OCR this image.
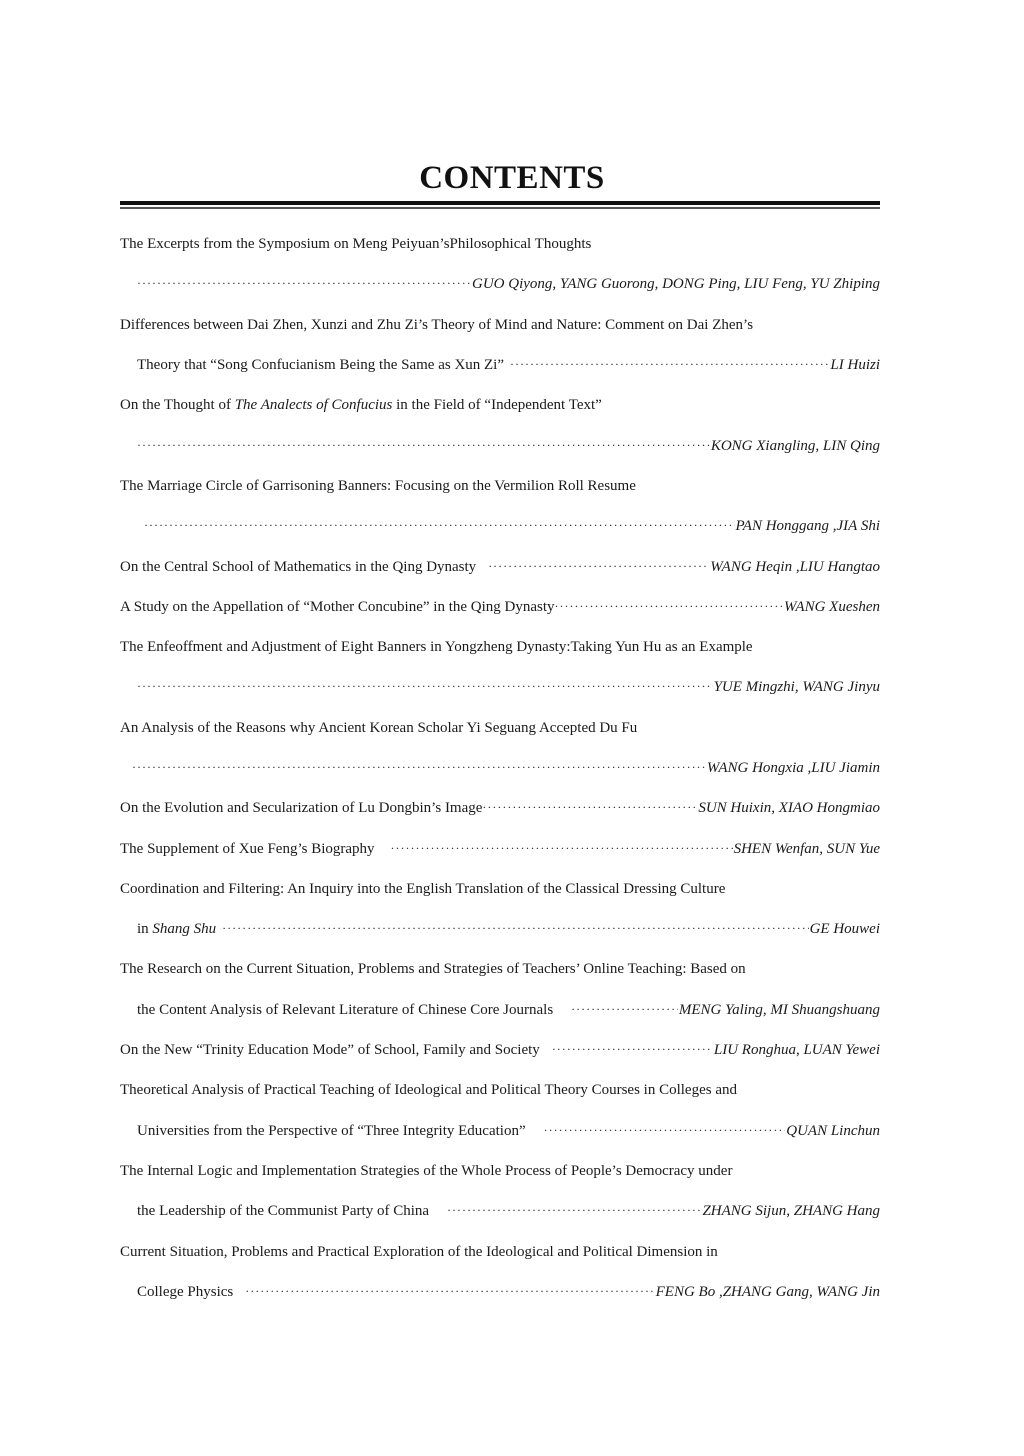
CONTENTS
The Excerpts from the Symposium on Meng Peiyuan’sPhilosophical Thoughts
·····
GUO Qiyong, YANG Guorong, DONG Ping, LIU Feng, YU Zhiping
Differences between Dai Zhen, Xunzi and Zhu Zi’s Theory of Mind and Nature: Comment on Dai Zhen’s
Theory that “Song Confucianism Being the Same as Xun Zi” ·····	LI Huizi
On the Thought of The Analects of Confucius in the Field of “Independent Text”
·····
KONG Xiangling, LIN Qing
The Marriage Circle of Garrisoning Banners: Focusing on the Vermilion Roll Resume
·····
PAN Honggang ,JIA Shi
On the Central School of Mathematics in the Qing Dynasty ·····	WANG Heqin ,LIU Hangtao
A Study on the Appellation of “Mother Concubine” in the Qing Dynasty ·····	WANG Xueshen
The Enfeoffment and Adjustment of Eight Banners in Yongzheng Dynasty:Taking Yun Hu as an Example
·····
YUE Mingzhi, WANG Jinyu
An Analysis of the Reasons why Ancient Korean Scholar Yi Seguang Accepted Du Fu
·····
WANG Hongxia ,LIU Jiamin
On the Evolution and Secularization of Lu Dongbin’s Image ·····	SUN Huixin, XIAO Hongmiao
The Supplement of Xue Feng’s Biography ·····	SHEN Wenfan, SUN Yue
Coordination and Filtering: An Inquiry into the English Translation of the Classical Dressing Culture
in Shang Shu ·····	GE Houwei
The Research on the Current Situation, Problems and Strategies of Teachers’ Online Teaching: Based on
the Content Analysis of Relevant Literature of Chinese Core Journals ·····	MENG Yaling, MI Shuangshuang
On the New “Trinity Education Mode” of School, Family and Society ·····	LIU Ronghua, LUAN Yewei
Theoretical Analysis of Practical Teaching of Ideological and Political Theory Courses in Colleges and
Universities from the Perspective of “Three Integrity Education” ·····	QUAN Linchun
The Internal Logic and Implementation Strategies of the Whole Process of People’s Democracy under
the Leadership of the Communist Party of China ·····	ZHANG Sijun, ZHANG Hang
Current Situation, Problems and Practical Exploration of the Ideological and Political Dimension in
College Physics ·····	FENG Bo ,ZHANG Gang, WANG Jin
